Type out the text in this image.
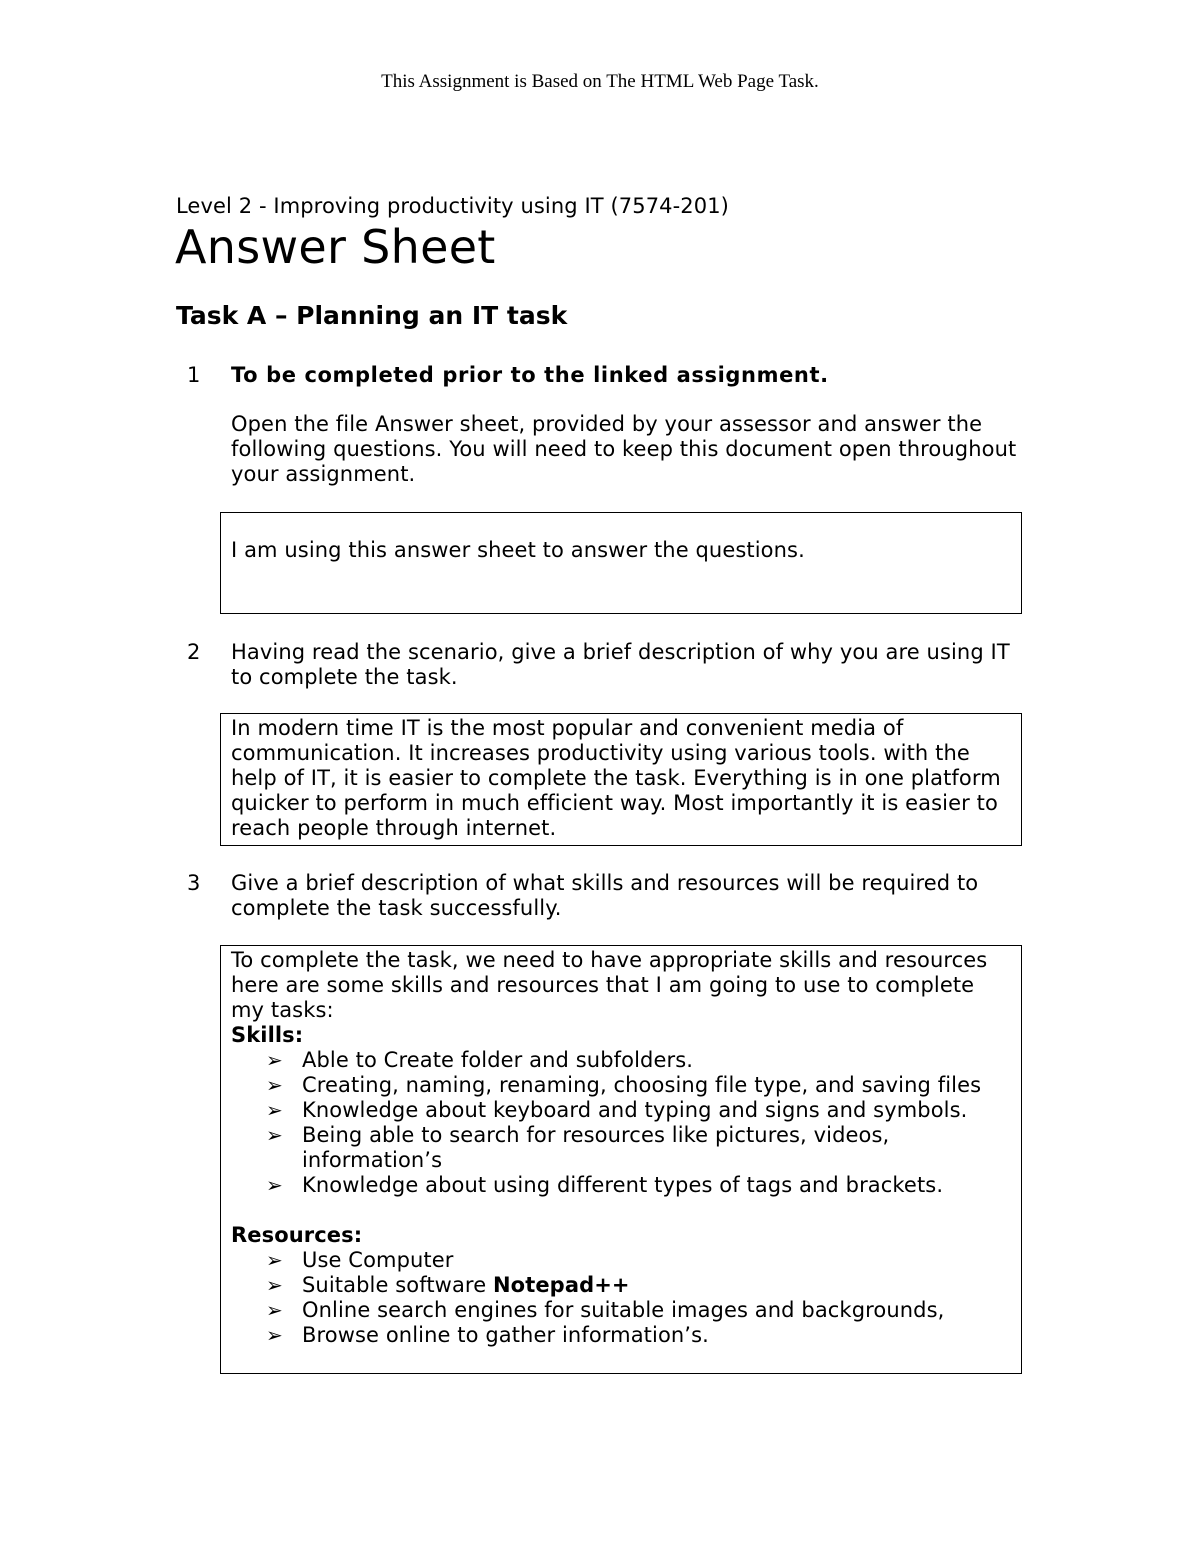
This Assignment is Based on The HTML Web Page Task.
Level 2 - Improving productivity using IT (7574-201)
Answer Sheet
Task A – Planning an IT task
1 To be completed prior to the linked assignment.
Open the file Answer sheet, provided by your assessor and answer the following questions. You will need to keep this document open throughout your assignment.
I am using this answer sheet to answer the questions.
2 Having read the scenario, give a brief description of why you are using IT to complete the task.
In modern time IT is the most popular and convenient media of communication. It increases productivity using various tools. with the help of IT, it is easier to complete the task. Everything is in one platform quicker to perform in much efficient way. Most importantly it is easier to reach people through internet.
3 Give a brief description of what skills and resources will be required to complete the task successfully.
To complete the task, we need to have appropriate skills and resources here are some skills and resources that I am going to use to complete my tasks:
Skills:
➢ Able to Create folder and subfolders.
➢ Creating, naming, renaming, choosing file type, and saving files
➢ Knowledge about keyboard and typing and signs and symbols.
➢ Being able to search for resources like pictures, videos, information’s
➢ Knowledge about using different types of tags and brackets.
Resources:
➢ Use Computer
➢ Suitable software Notepad++
➢ Online search engines for suitable images and backgrounds,
➢ Browse online to gather information’s.
